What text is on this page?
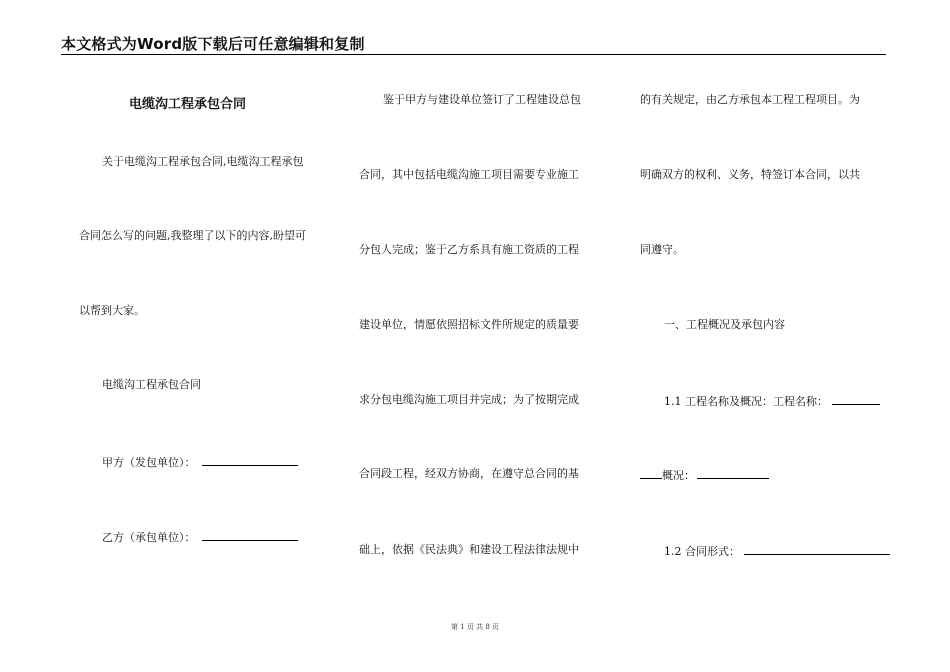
本文格式为Word版下载后可任意编辑和复制
电缆沟工程承包合同
关于电缆沟工程承包合同,电缆沟工程承包
合同怎么写的问题,我整理了以下的内容,盼望可
以帮到大家。
电缆沟工程承包合同
甲方（发包单位）：
乙方（承包单位）：
鉴于甲方与建设单位签订了工程建设总包
合同，其中包括电缆沟施工项目需要专业施工
分包人完成；鉴于乙方系具有施工资质的工程
建设单位，情愿依照招标文件所规定的质量要
求分包电缆沟施工项目并完成；为了按期完成
合同段工程，经双方协商，在遵守总合同的基
础上，依据《民法典》和建设工程法律法规中
的有关规定，由乙方承包本工程工程项目。为
明确双方的权利、义务，特签订本合同，以共
同遵守。
一、工程概况及承包内容
1.1 工程名称及概况：工程名称：
概况：
1.2 合同形式：
第 1 页 共 8 页
